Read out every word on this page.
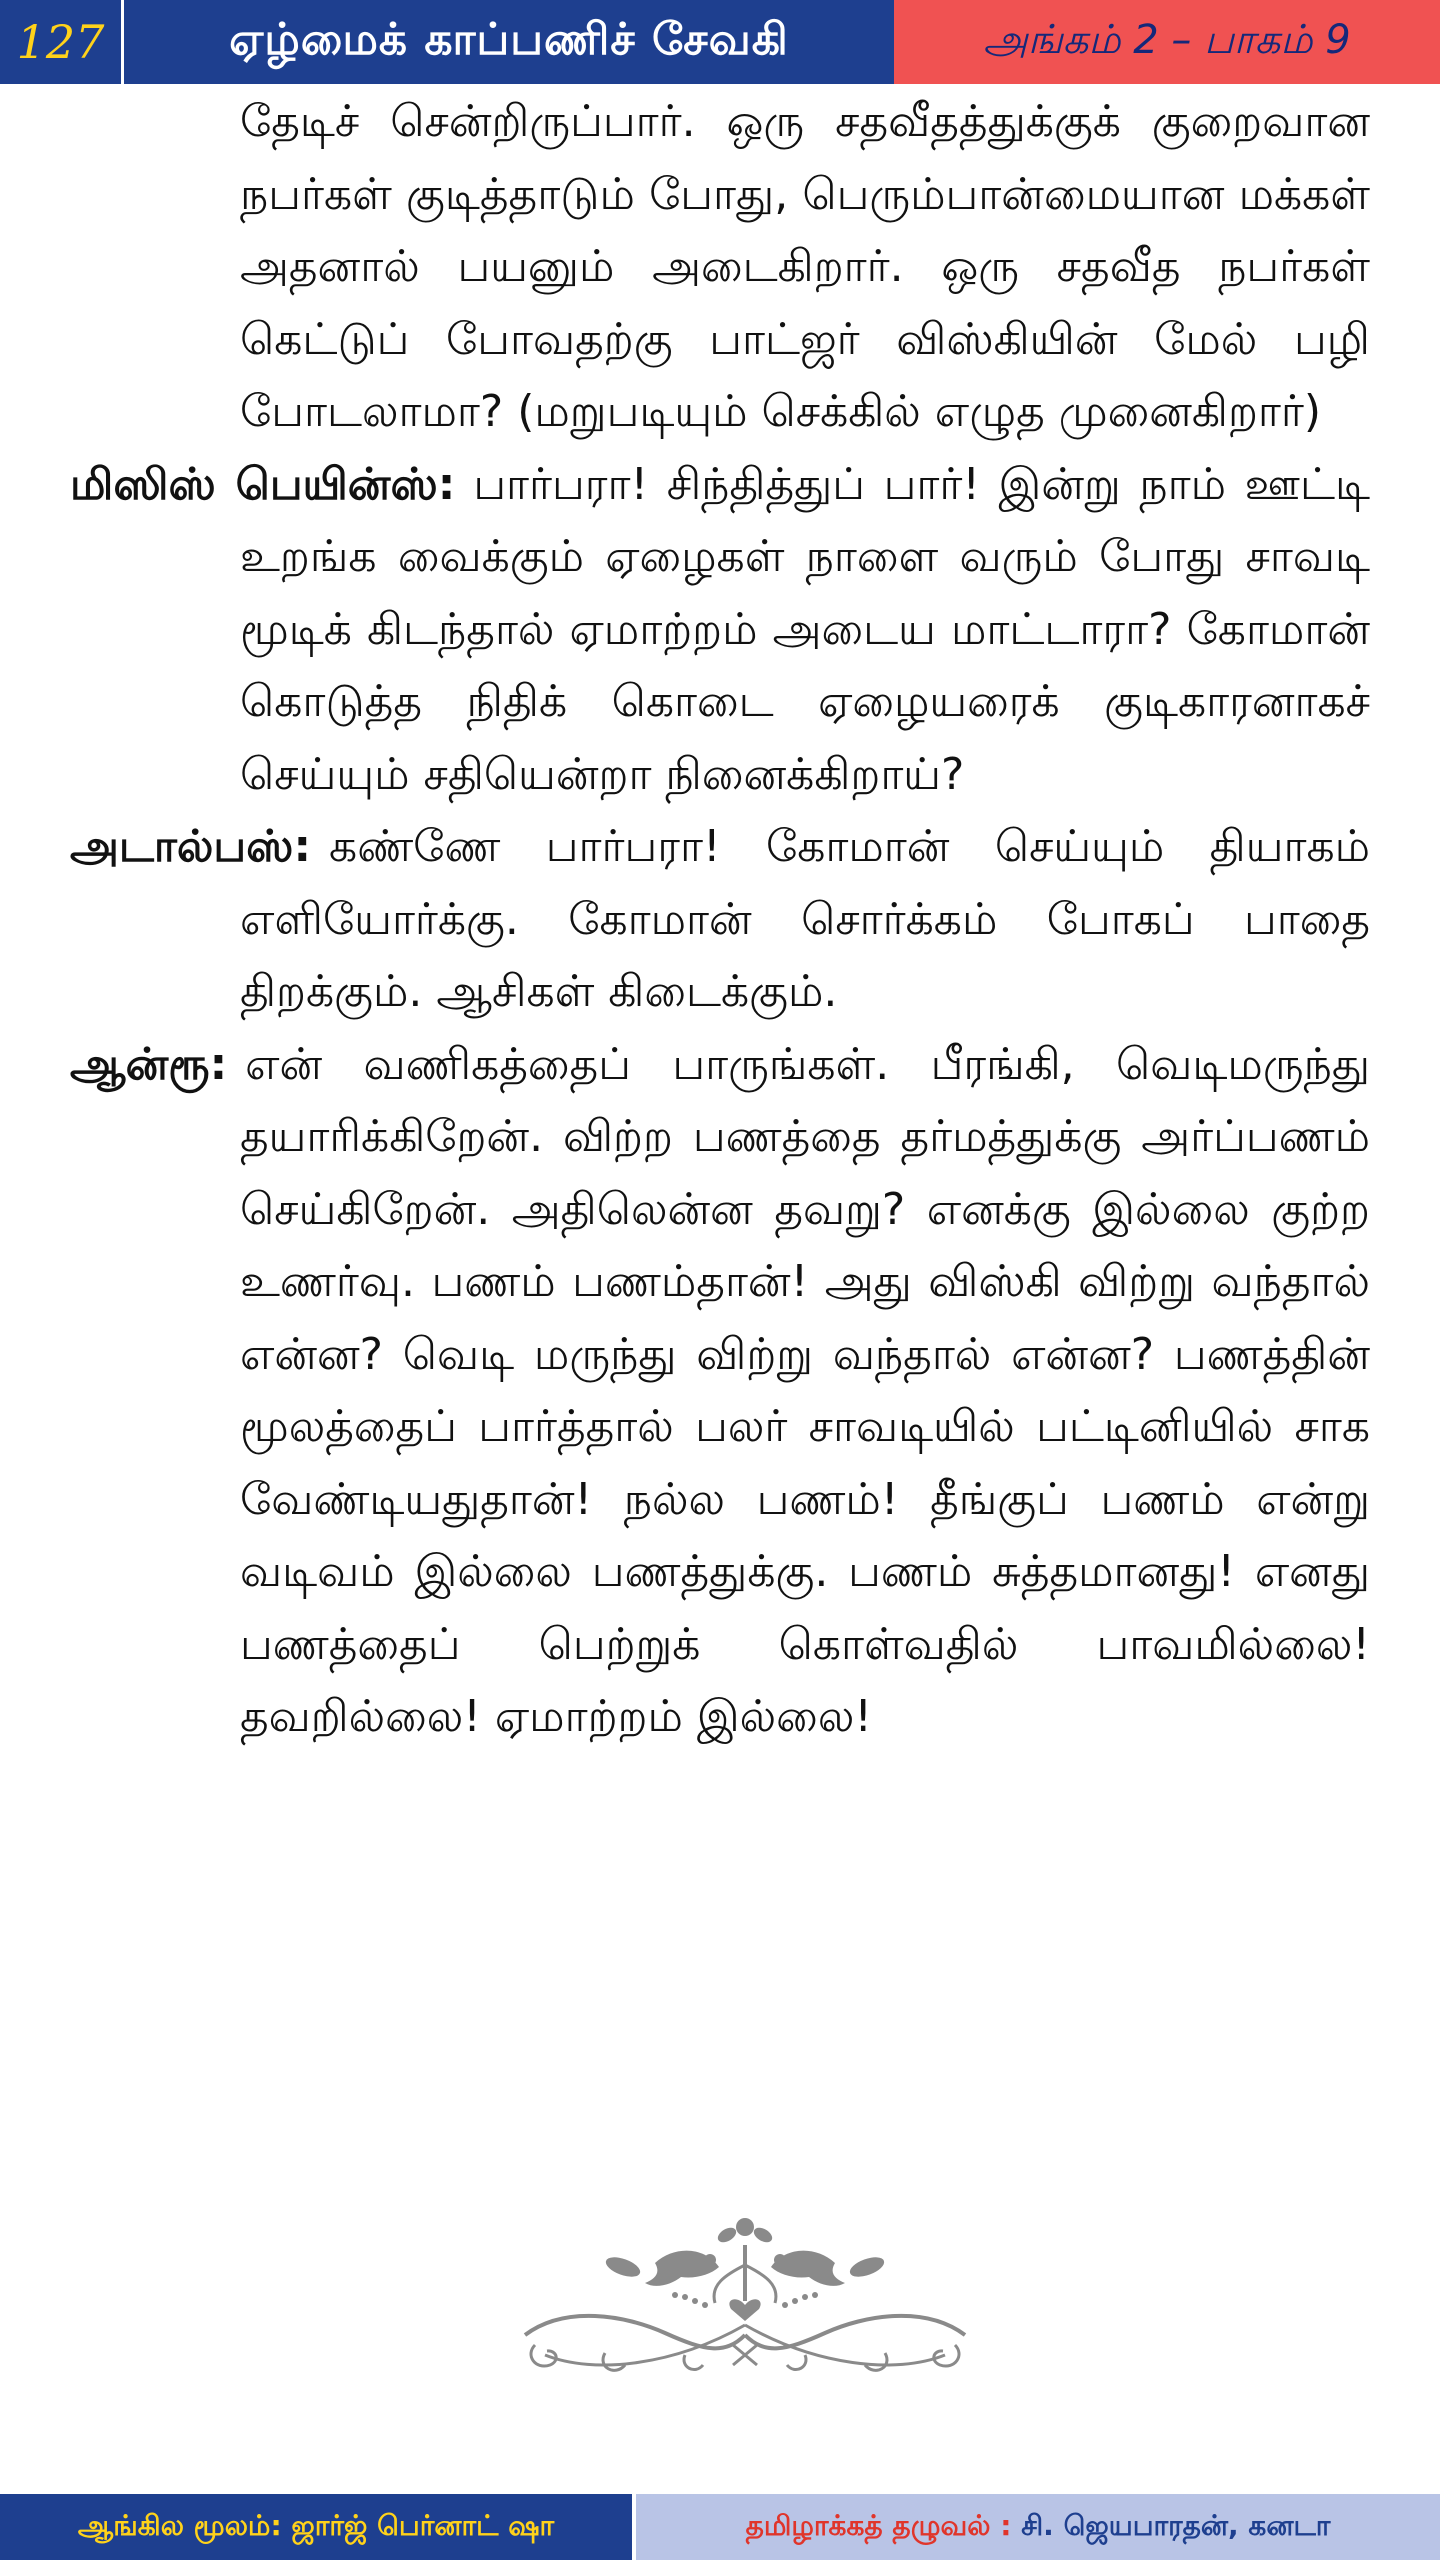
127	ஏழ்மைக் காப்பணிச் சேவகி	அங்கம் 2 – பாகம் 9

தேடிச் சென்றிருப்பார். ஒரு சதவீதத்துக்குக் குறைவான நபர்கள் குடித்தாடும் போது, பெரும்பான்மையான மக்கள் அதனால் பயனும் அடைகிறார். ஒரு சதவீத நபர்கள் கெட்டுப் போவதற்கு பாட்ஜர் விஸ்கியின் மேல் பழி போடலாமா? (மறுபடியும் செக்கில் எழுத முனைகிறார்)

மிஸிஸ் பெயின்ஸ்: பார்பரா! சிந்தித்துப் பார்! இன்று நாம் ஊட்டி உறங்க வைக்கும் ஏழைகள் நாளை வரும் போது சாவடி மூடிக் கிடந்தால் ஏமாற்றம் அடைய மாட்டாரா? கோமான் கொடுத்த நிதிக் கொடை ஏழையரைக் குடிகாரனாகச் செய்யும் சதியென்றா நினைக்கிறாய்?

அடால்பஸ்: கண்ணே பார்பரா! கோமான் செய்யும் தியாகம் எளியோர்க்கு. கோமான் சொர்க்கம் போகப் பாதை திறக்கும். ஆசிகள் கிடைக்கும்.

ஆன்ரூ: என் வணிகத்தைப் பாருங்கள். பீரங்கி, வெடிமருந்து தயாரிக்கிறேன். விற்ற பணத்தை தர்மத்துக்கு அர்ப்பணம் செய்கிறேன். அதிலென்ன தவறு? எனக்கு இல்லை குற்ற உணர்வு. பணம் பணம்தான்! அது விஸ்கி விற்று வந்தால் என்ன? வெடி மருந்து விற்று வந்தால் என்ன? பணத்தின் மூலத்தைப் பார்த்தால் பலர் சாவடியில் பட்டினியில் சாக வேண்டியதுதான்! நல்ல பணம்! தீங்குப் பணம் என்று வடிவம் இல்லை பணத்துக்கு. பணம் சுத்தமானது! எனது பணத்தைப் பெற்றுக் கொள்வதில் பாவமில்லை! தவறில்லை! ஏமாற்றம் இல்லை!

ஆங்கில மூலம்:
ஜார்ஜ் பெர்னாட் ஷா	தமிழாக்கத் தழுவல் :
சி. ஜெயபாரதன், கனடா
